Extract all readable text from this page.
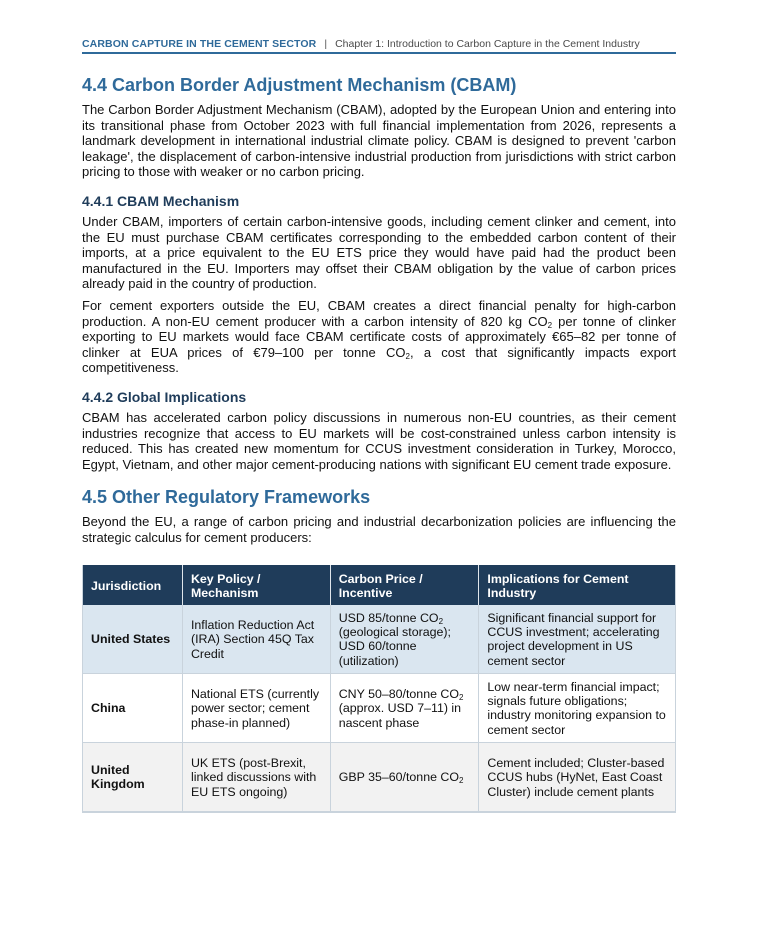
CARBON CAPTURE IN THE CEMENT SECTOR | Chapter 1: Introduction to Carbon Capture in the Cement Industry
4.4 Carbon Border Adjustment Mechanism (CBAM)

The Carbon Border Adjustment Mechanism (CBAM), adopted by the European Union and entering into its transitional phase from October 2023 with full financial implementation from 2026, represents a landmark development in international industrial climate policy. CBAM is designed to prevent 'carbon leakage', the displacement of carbon-intensive industrial production from jurisdictions with strict carbon pricing to those with weaker or no carbon pricing.

4.4.1 CBAM Mechanism

Under CBAM, importers of certain carbon-intensive goods, including cement clinker and cement, into the EU must purchase CBAM certificates corresponding to the embedded carbon content of their imports, at a price equivalent to the EU ETS price they would have paid had the product been manufactured in the EU. Importers may offset their CBAM obligation by the value of carbon prices already paid in the country of production.

For cement exporters outside the EU, CBAM creates a direct financial penalty for high-carbon production. A non-EU cement producer with a carbon intensity of 820 kg $CO_2$ per tonne of clinker exporting to EU markets would face CBAM certificate costs of approximately €65–82 per tonne of clinker at EUA prices of €79–100 per tonne $CO_2$, a cost that significantly impacts export competitiveness.

4.4.2 Global Implications

CBAM has accelerated carbon policy discussions in numerous non-EU countries, as their cement industries recognize that access to EU markets will be cost-constrained unless carbon intensity is reduced. This has created new momentum for CCUS investment consideration in Turkey, Morocco, Egypt, Vietnam, and other major cement-producing nations with significant EU cement trade exposure.

4.5 Other Regulatory Frameworks

Beyond the EU, a range of carbon pricing and industrial decarbonization policies are influencing the strategic calculus for cement producers:

Jurisdiction	Key Policy / Mechanism	Carbon Price / Incentive	Implications for Cement Industry
United States	Inflation Reduction Act (IRA) Section 45Q Tax Credit	USD 85/tonne $CO_2$ (geological storage); USD 60/tonne (utilization)	Significant financial support for CCUS investment; accelerating project development in US cement sector
China	National ETS (currently power sector; cement phase-in planned)	CNY 50–80/tonne $CO_2$ (approx. USD 7–11) in nascent phase	Low near-term financial impact; signals future obligations; industry monitoring expansion to cement sector
United Kingdom	UK ETS (post-Brexit, linked discussions with EU ETS ongoing)	GBP 35–60/tonne $CO_2$	Cement included; Cluster-based CCUS hubs (HyNet, East Coast Cluster) include cement plants
